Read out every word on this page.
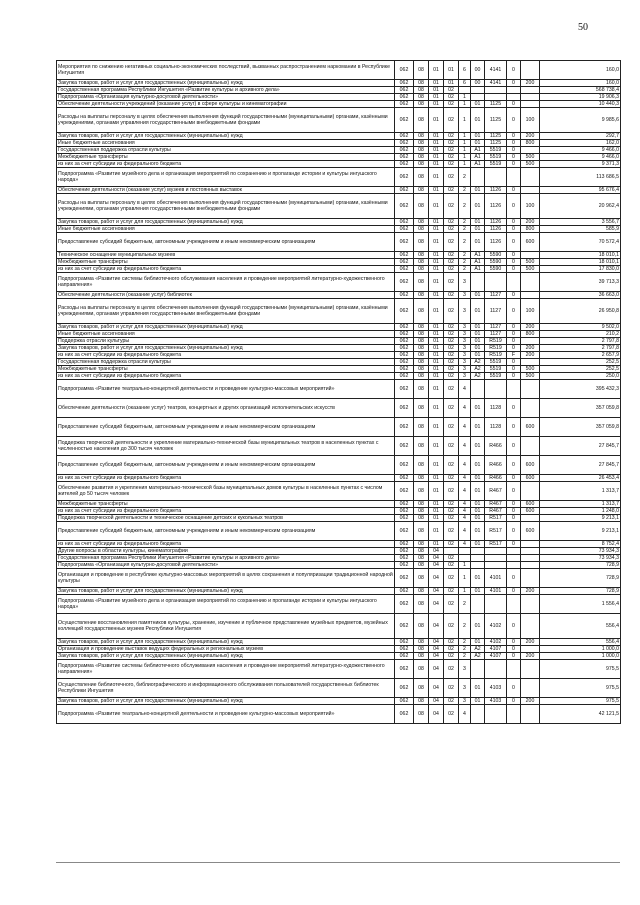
50
Мероприятия по снижению негативных социально-экономических последствий, вызванных распространением наркомании в Республике Ингушетия	062	08	01	01	6	00	4141	0		160,0
Закупка товаров, работ и услуг для государственных (муниципальных) нужд	062	08	01	01	6	00	4141	0	200	160,0
Государственная программа Республики Ингушетия «Развитие культуры и архивного дела»	062	08	01	02						568 738,4
Подпрограмма «Организация культурно-досуговой деятельности»	062	08	01	02	1					19 906,3
Обеспечение деятельности учреждений (оказание услуг) в сфере культуры и кинематографии	062	08	01	02	1	01	1125	0		10 440,3
Расходы на выплаты персоналу в целях обеспечения выполнения функций государственными (муниципальными) органами, казёнными учреждениями, органами управления государственными внебюджетными фондами	062	08	01	02	1	01	1125	0	100	9 985,6
Закупка товаров, работ и услуг для государственных (муниципальных) нужд	062	08	01	02	1	01	1125	0	200	292,7
Иные бюджетные ассигнования	062	08	01	02	1	01	1125	0	800	162,0
Государственная поддержка отрасли культуры	062	08	01	02	1	A1	5519	0		9 466,0
Межбюджетные трансферты	062	08	01	02	1	A1	5519	0	500	9 466,0
из них за счет субсидии из федерального бюджета	062	08	01	02	1	A1	5519	0	500	9 371,3
Подпрограмма «Развитие музейного дела и организация мероприятий по сохранению и пропаганде истории и культуры ингушского народа»	062	08	01	02	2					113 686,5
Обеспечение деятельности (оказание услуг) музеев и постоянных выставок	062	08	01	02	2	01	1126	0		95 676,4
Расходы на выплаты персоналу в целях обеспечения выполнения функций государственными (муниципальными) органами, казёнными учреждениями, органами управления государственными внебюджетными фондами	062	08	01	02	2	01	1126	0	100	20 962,4
Закупка товаров, работ и услуг для государственных (муниципальных) нужд	062	08	01	02	2	01	1126	0	200	3 556,7
Иные бюджетные ассигнования	062	08	01	02	2	01	1126	0	800	585,9
Предоставление субсидий бюджетным, автономным учреждениям и иным некоммерческим организациям	062	08	01	02	2	01	1126	0	600	70 572,4
Техническое оснащение муниципальных музеев	062	08	01	02	2	A1	5590	0		18 010,1
Межбюджетные трансферты	062	08	01	02	2	A1	5590	0	500	18 010,1
из них за счет субсидии из федерального бюджета	062	08	01	02	2	A1	5590	0	500	17 830,0
Подпрограмма «Развитие системы библиотечного обслуживания населения и проведение мероприятий литературно-художественного направления»	062	08	01	02	3					39 713,3
Обеспечение деятельности (оказание услуг) библиотек	062	08	01	02	3	01	1127	0		36 663,0
Расходы на выплаты персоналу в целях обеспечения выполнения функций государственными (муниципальными) органами, казёнными учреждениями, органами управления государственными внебюджетными фондами	062	08	01	02	3	01	1127	0	100	26 950,8
Закупка товаров, работ и услуг для государственных (муниципальных) нужд	062	08	01	02	3	01	1127	0	200	9 502,0
Иные бюджетные ассигнования	062	08	01	02	3	01	1127	0	800	210,2
Поддержка отрасли культуры	062	08	01	02	3	01	R519	0		2 797,8
Закупка товаров, работ и услуг для государственных (муниципальных) нужд	062	08	01	02	3	01	R519	0	200	2 797,8
из них за счет субсидии из федерального бюджета	062	08	01	02	3	01	R519	F	200	2 657,9
Государственная поддержка отрасли культуры	062	08	01	02	3	A2	5519	0		252,5
Межбюджетные трансферты	062	08	01	02	3	A2	5519	0	500	252,5
из них за счет субсидии из федерального бюджета	062	08	01	02	3	A2	5519	0	500	250,0
Подпрограмма «Развитие театрально-концертной деятельности и проведение культурно-массовых мероприятий»	062	08	01	02	4					395 432,3
Обеспечение деятельности (оказание услуг) театров, концертных и других организаций исполнительских искусств	062	08	01	02	4	01	1128	0		357 059,8
Предоставление субсидий бюджетным, автономным учреждениям и иным некоммерческим организациям	062	08	01	02	4	01	1128	0	600	357 059,8
Поддержка творческой деятельности и укрепление материально-технической базы муниципальных театров в населенных пунктах с численностью населения до 300 тысяч человек	062	08	01	02	4	01	R466	0		27 845,7
Предоставление субсидий бюджетным, автономным учреждениям и иным некоммерческим организациям	062	08	01	02	4	01	R466	0	600	27 845,7
из них за счет субсидии из федерального бюджета	062	08	01	02	4	01	R466	0	600	26 453,4
Обеспечение развития и укрепления материально-технической базы муниципальных домов культуры в населенных пунктах с числом жителей до 50 тысяч человек	062	08	01	02	4	01	R467	0		1 313,7
Межбюджетные трансферты	062	08	01	02	4	01	R467	0	600	1 313,7
из них за счет субсидии из федерального бюджета	062	08	01	02	4	01	R467	0	600	1 248,0
Поддержка творческой деятельности и техническое оснащение детских и кукольных театров	062	08	01	02	4	01	R517	0		9 213,1
Предоставление субсидий бюджетным, автономным учреждениям и иным некоммерческим организациям	062	08	01	02	4	01	R517	0	600	9 213,1
из них за счет субсидии из федерального бюджета	062	08	01	02	4	01	R517	0		8 752,4
Другие вопросы в области культуры, кинематографии	062	08	04							73 934,3
Государственная программа Республики Ингушетия «Развитие культуры и архивного дела»	062	08	04	02						73 934,3
Подпрограмма «Организация культурно-досуговой деятельности»	062	08	04	02	1					728,9
Организация и проведение в республике культурно-массовых мероприятий в целях сохранения и популяризации традиционной народной культуры	062	08	04	02	1	01	4101	0		728,9
Закупка товаров, работ и услуг для государственных (муниципальных) нужд	062	08	04	02	1	01	4101	0	200	728,9
Подпрограмма «Развитие музейного дела и организация мероприятий по сохранению и пропаганде истории и культуры ингушского народа»	062	08	04	02	2					1 556,4
Осуществление восстановления памятников культуры, хранение, изучение и публичное представление музейных предметов, музейных коллекций государственных музеев Республики Ингушетия	062	08	04	02	2	01	4102	0		556,4
Закупка товаров, работ и услуг для государственных (муниципальных) нужд	062	08	04	02	2	01	4102	0	200	556,4
Организация и проведение выставок ведущих федеральных и региональных музеев	062	08	04	02	2	A2	4107	0		1 000,0
Закупка товаров, работ и услуг для государственных (муниципальных) нужд	062	08	04	02	2	A2	4107	0	200	1 000,0
Подпрограмма «Развитие системы библиотечного обслуживания населения и проведение мероприятий литературно-художественного направления»	062	08	04	02	3					975,5
Осуществление библиотечного, библиографического и информационного обслуживания пользователей государственных библиотек Республики Ингушетия	062	08	04	02	3	01	4103	0		975,5
Закупка товаров, работ и услуг для государственных (муниципальных) нужд	062	08	04	02	3	01	4103	0	200	975,5
Подпрограмма «Развитие театрально-концертной деятельности и проведение культурно-массовых мероприятий»	062	08	04	02	4					42 121,5
